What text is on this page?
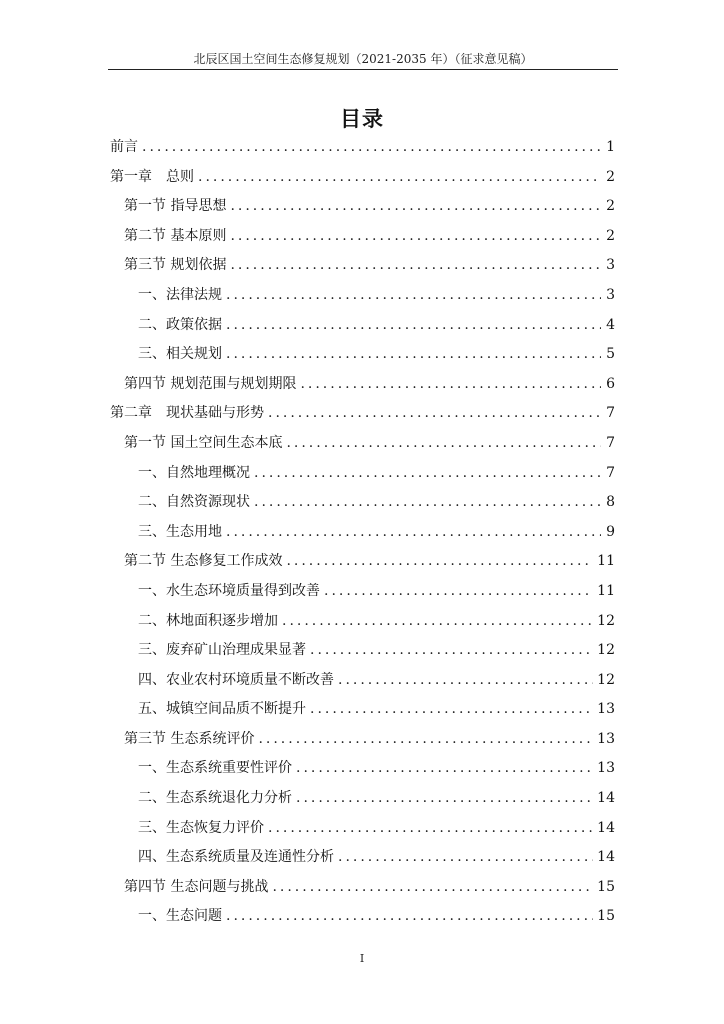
北辰区国土空间生态修复规划（2021-2035 年）（征求意见稿）
目录
前言 .....	1
第一章　总则 .....	2
第一节 指导思想 .....	2
第二节 基本原则 .....	2
第三节 规划依据 .....	3
一、法律法规 .....	3
二、政策依据 .....	4
三、相关规划 .....	5
第四节 规划范围与规划期限 .....	6
第二章　现状基础与形势 .....	7
第一节 国土空间生态本底 .....	7
一、自然地理概况 .....	7
二、自然资源现状 .....	8
三、生态用地 .....	9
第二节 生态修复工作成效 .....	11
一、水生态环境质量得到改善 .....	11
二、林地面积逐步增加 .....	12
三、废弃矿山治理成果显著 .....	12
四、农业农村环境质量不断改善 .....	12
五、城镇空间品质不断提升 .....	13
第三节 生态系统评价 .....	13
一、生态系统重要性评价 .....	13
二、生态系统退化力分析 .....	14
三、生态恢复力评价 .....	14
四、生态系统质量及连通性分析 .....	14
第四节 生态问题与挑战 .....	15
一、生态问题 .....	15
I
